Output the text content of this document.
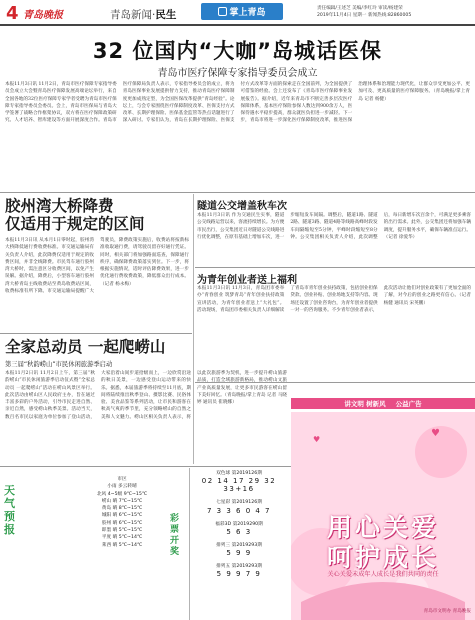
4 青岛晚报	青岛新闻·民生	掌上青岛	责任编辑/王述芝 美编/李红玲 审读/杨建荣
2019年11月4日 星期一 新闻热线:82860005
32 位国内“大咖”岛城话医保
青岛市医疗保障专家指导委员会成立
本报11月3日讯 11月2日，青岛市医疗保障专家指导委员会成立大会暨青岛医疗保障发展高端论坛举行，来自全国各地的32位医疗保障专家学者受聘为青岛市医疗保障专家指导委员会委员。会上，青岛市医保局与青岛大学签署了战略合作框架协议，双方将在医疗保障政策研究、人才培养、智库建设等方面开展深度合作。青岛市医疗保障局负责人表示，专家指导委员会的成立，将为青岛医保事业发展提供智力支持，推动青岛医疗保障制度更加成熟定型，为全国医保改革提供“青岛经验”。论坛上，与会专家围绕医疗保障制度改革、医保支付方式改革、长期护理保险、医保基金监管等热点话题进行了深入研讨。专家们认为，青岛在长期护理保险、医保支付方式改革等方面的探索走在全国前列，为全国提供了可借鉴的经验。会上还发布了《青岛市医疗保障事业发展报告》。据介绍，近年来青岛市不断完善多层次医疗保障体系，基本医疗保险参保人数达到900余万人，医保待遇水平稳步提高，群众就医负担进一步减轻。下一步，青岛市将进一步深化医疗保障制度改革，推进医保治理体系和治理能力现代化，让群众享受更加公平、更加可及、更高质量的医疗保障服务。（青岛晚报/掌上青岛 记者 杨健）
胶州湾大桥降费
仅适用于规定的区间
本报11月3日讯 从本月1日零时起，胶州湾大桥降低通行费收费标准。市交通运输局有关负责人介绍，此次降费仅适用于规定的收费区间，并非全线降费。市民驾车通行胶州湾大桥时，需注意区分收费区间，以免产生误解。据介绍，降费后，小型客车通行胶州湾大桥青岛主线收费站至黄岛收费站区间，收费标准有所下降。市交通运输局提醒广大驾驶员，降费政策实施后，收费站将按新标准收取通行费，请驾驶员留存好通行凭证。同时，相关部门将加强路面巡查，保障通行秩序，确保降费政策落实到位。下一步，将根据实施情况，适时评估降费效果，进一步优化通行费收费政策，降低群众出行成本。（记者 杨永梅）
隧道公交增盖秋车次
本报11月3日讯 作为交通民生实事，隧道公交线路运营以来，客流持续增长。为方便市民出行，公交集团近日对隧道公交线路进行优化调整，在原有基础上增加车次，进一步缩短发车间隔。调整后，隧道1路、隧道2路、隧道3路、隧道4路等线路高峰时段发车间隔缩短至5分钟，平峰时段缩短至8分钟。公交集团相关负责人介绍，此次调整后，每日新增车次百余个，可满足更多乘客的出行需求。此外，公交集团还将加强车辆调度，提升服务水平，确保车辆准点运行。（记者 徐爱华）
为青年创业者送上福利
本报11月3日讯 11月3日，青岛团市委举办“青春创业 筑梦青岛”青年创业扶持政策宣讲活动，为青年创业者送上“大礼包”。活动现场，青岛团市委相关负责人详细解读了青岛市青年创业扶持政策，包括创业担保贷款、创业补贴、创业场地支持等内容。现场还设置了创业咨询台，为青年创业者提供一对一的咨询服务。不少青年创业者表示，此次活动让他们对创业政策有了更加全面的了解，对今后的创业之路更有信心。（记者 杨健 通讯员 宋英鹏）
全家总动员 一起爬崂山
第三届“秋韵崂山”市民休闲旅游季启动
本报11月2日讯 11月2日上午，第三届“秋韵崂山”市民休闲旅游季启动仪式暨“全家总动员 一起爬崂山”活动在崂山风景区举行。此次活动由崂山区人民政府主办，旨在通过丰富多彩的户外活动，引导市民走进自然、亲近自然，感受崂山秋季美景。活动当天，数百名市民以家庭为单位参加了登山活动，大家沿着山间步道拾级而上，一边欣赏沿途的秋日美景，一边感受登山运动带来的快乐。据悉，本届旅游季将持续至11月底，期间将陆续推出秋季登山、摄影比赛、民俗体验、美食品鉴等系列活动，让市民和游客在秋高气爽的季节里，充分领略崂山的自然之美和人文魅力。崂山区相关负责人表示，将以此次旅游季为契机，进一步提升崂山旅游品质，打造全域旅游新格局，推动崂山文旅产业高质量发展，让更多市民游客在崂山留下美好回忆。（青岛晚报/掌上青岛 记者 马晓婷 通讯员 崔晓娜）
天气预报
市区
小雨 多云转晴
北风 4~5级 9℃~15℃
崂山 晴 7℃~15℃
黄岛 晴 8℃~15℃
城阳 晴 6℃~15℃
胶州 晴 6℃~15℃
即墨 晴 5℃~15℃
平度 晴 5℃~14℃
莱西 晴 5℃~14℃
彩票开奖
双色球 第2019126期
02 14 17 29 32 33+16
七星彩 第2019126期
7 3 3 6 0 4 7
福彩3D 第2019290期
5 6 3
排列三 第2019293期
5 9 9
排列五 第2019293期
5 9 9 7 9
讲文明 树新风 公益广告
♥
♥
用心关爱
呵护成长
关心关爱未成年人成长是我们共同的责任
青岛市文明办 青岛晚报
